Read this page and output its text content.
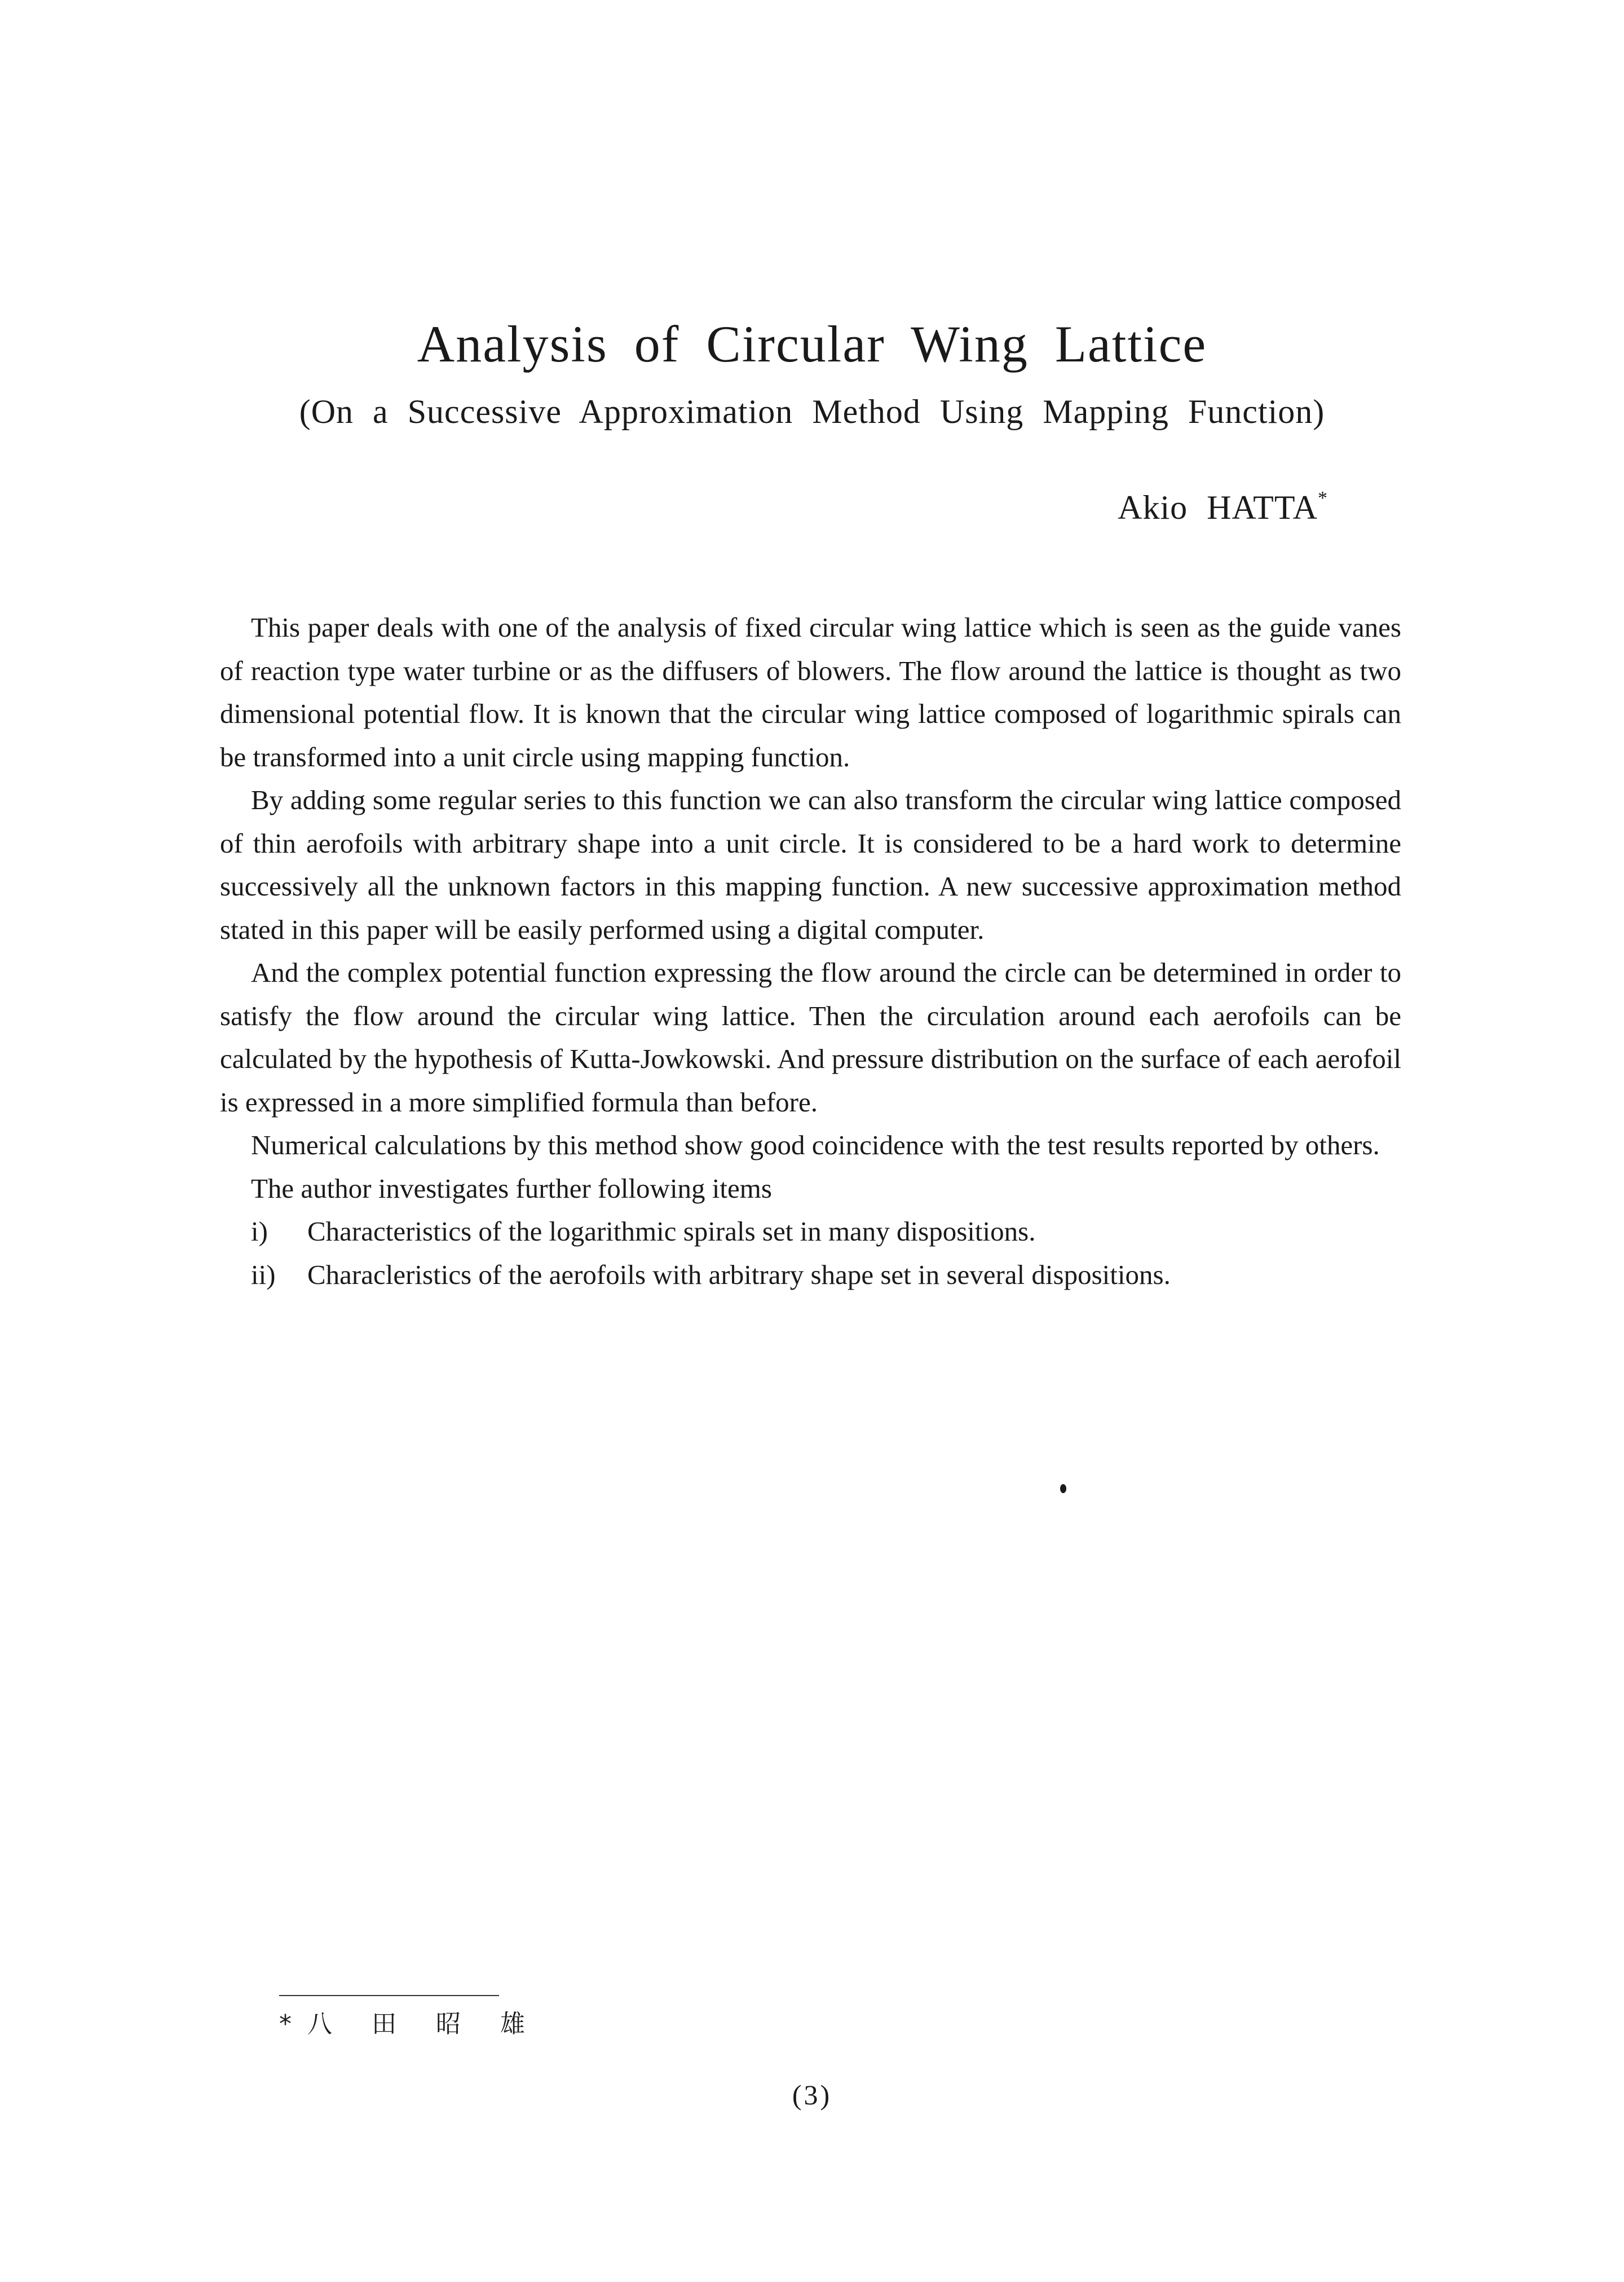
Analysis of Circular Wing Lattice
(On a Successive Approximation Method Using Mapping Function)
Akio HATTA*

This paper deals with one of the analysis of fixed circular wing lattice which is seen as the guide vanes of reaction type water turbine or as the diffusers of blowers. The flow around the lattice is thought as two dimensional potential flow. It is known that the circular wing lattice composed of logarithmic spirals can be transformed into a unit circle using mapping function.

By adding some regular series to this function we can also transform the circular wing lattice composed of thin aerofoils with arbitrary shape into a unit circle. It is considered to be a hard work to determine successively all the unknown factors in this mapping function. A new successive approximation method stated in this paper will be easily performed using a digital computer.

And the complex potential function expressing the flow around the circle can be determined in order to satisfy the flow around the circular wing lattice. Then the circulation around each aerofoils can be calculated by the hypothesis of Kutta-Jowkowski. And pressure distribution on the surface of each aerofoil is expressed in a more simplified formula than before.

Numerical calculations by this method show good coincidence with the test results reported by others.

The author investigates further following items

i) Characteristics of the logarithmic spirals set in many dispositions.
ii) Characleristics of the aerofoils with arbitrary shape set in several dispositions.
*八 田 昭 雄
(3)
